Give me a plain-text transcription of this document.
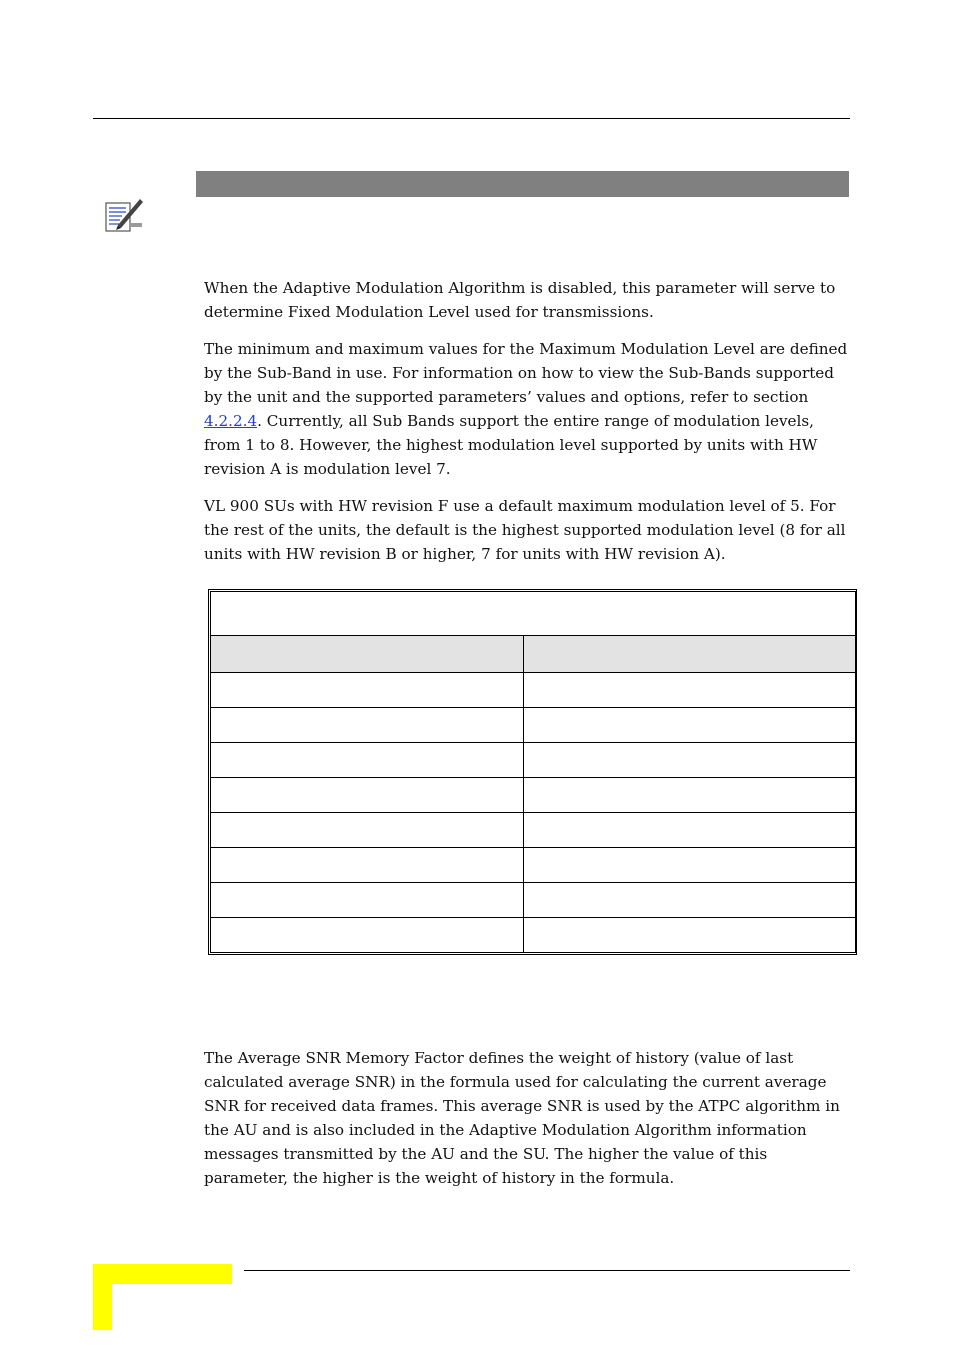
When the Adaptive Modulation Algorithm is disabled, this parameter will serve to determine Fixed Modulation Level used for transmissions.

The minimum and maximum values for the Maximum Modulation Level are defined by the Sub-Band in use. For information on how to view the Sub-Bands supported by the unit and the supported parameters’ values and options, refer to section 4.2.2.4. Currently, all Sub Bands support the entire range of modulation levels, from 1 to 8. However, the highest modulation level supported by units with HW revision A is modulation level 7.

VL 900 SUs with HW revision F use a default maximum modulation level of 5. For the rest of the units, the default is the highest supported modulation level (8 for all units with HW revision B or higher, 7 for units with HW revision A).

The Average SNR Memory Factor defines the weight of history (value of last calculated average SNR) in the formula used for calculating the current average SNR for received data frames. This average SNR is used by the ATPC algorithm in the AU and is also included in the Adaptive Modulation Algorithm information messages transmitted by the AU and the SU. The higher the value of this parameter, the higher is the weight of history in the formula.
